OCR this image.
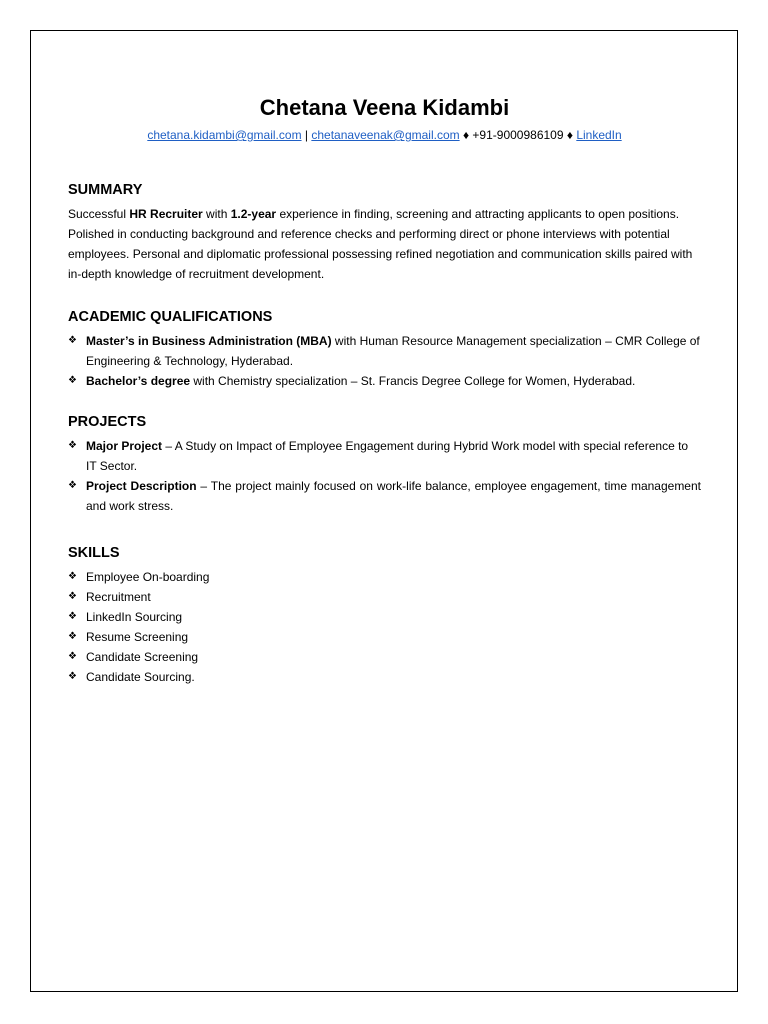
Chetana Veena Kidambi
chetana.kidambi@gmail.com | chetanaveenak@gmail.com ♦ +91-9000986109 ♦ LinkedIn
SUMMARY

Successful HR Recruiter with 1.2-year experience in finding, screening and attracting applicants to open positions. Polished in conducting background and reference checks and performing direct or phone interviews with potential employees. Personal and diplomatic professional possessing refined negotiation and communication skills paired with in-depth knowledge of recruitment development.

ACADEMIC QUALIFICATIONS
❖ Master’s in Business Administration (MBA) with Human Resource Management specialization – CMR College of Engineering & Technology, Hyderabad.
❖ Bachelor’s degree with Chemistry specialization – St. Francis Degree College for Women, Hyderabad.
PROJECTS
❖ Major Project – A Study on Impact of Employee Engagement during Hybrid Work model with special reference to IT Sector.
❖ Project Description – The project mainly focused on work-life balance, employee engagement, time management and work stress.
SKILLS
❖ Employee On-boarding
❖ Recruitment
❖ LinkedIn Sourcing
❖ Resume Screening
❖ Candidate Screening
❖ Candidate Sourcing.
